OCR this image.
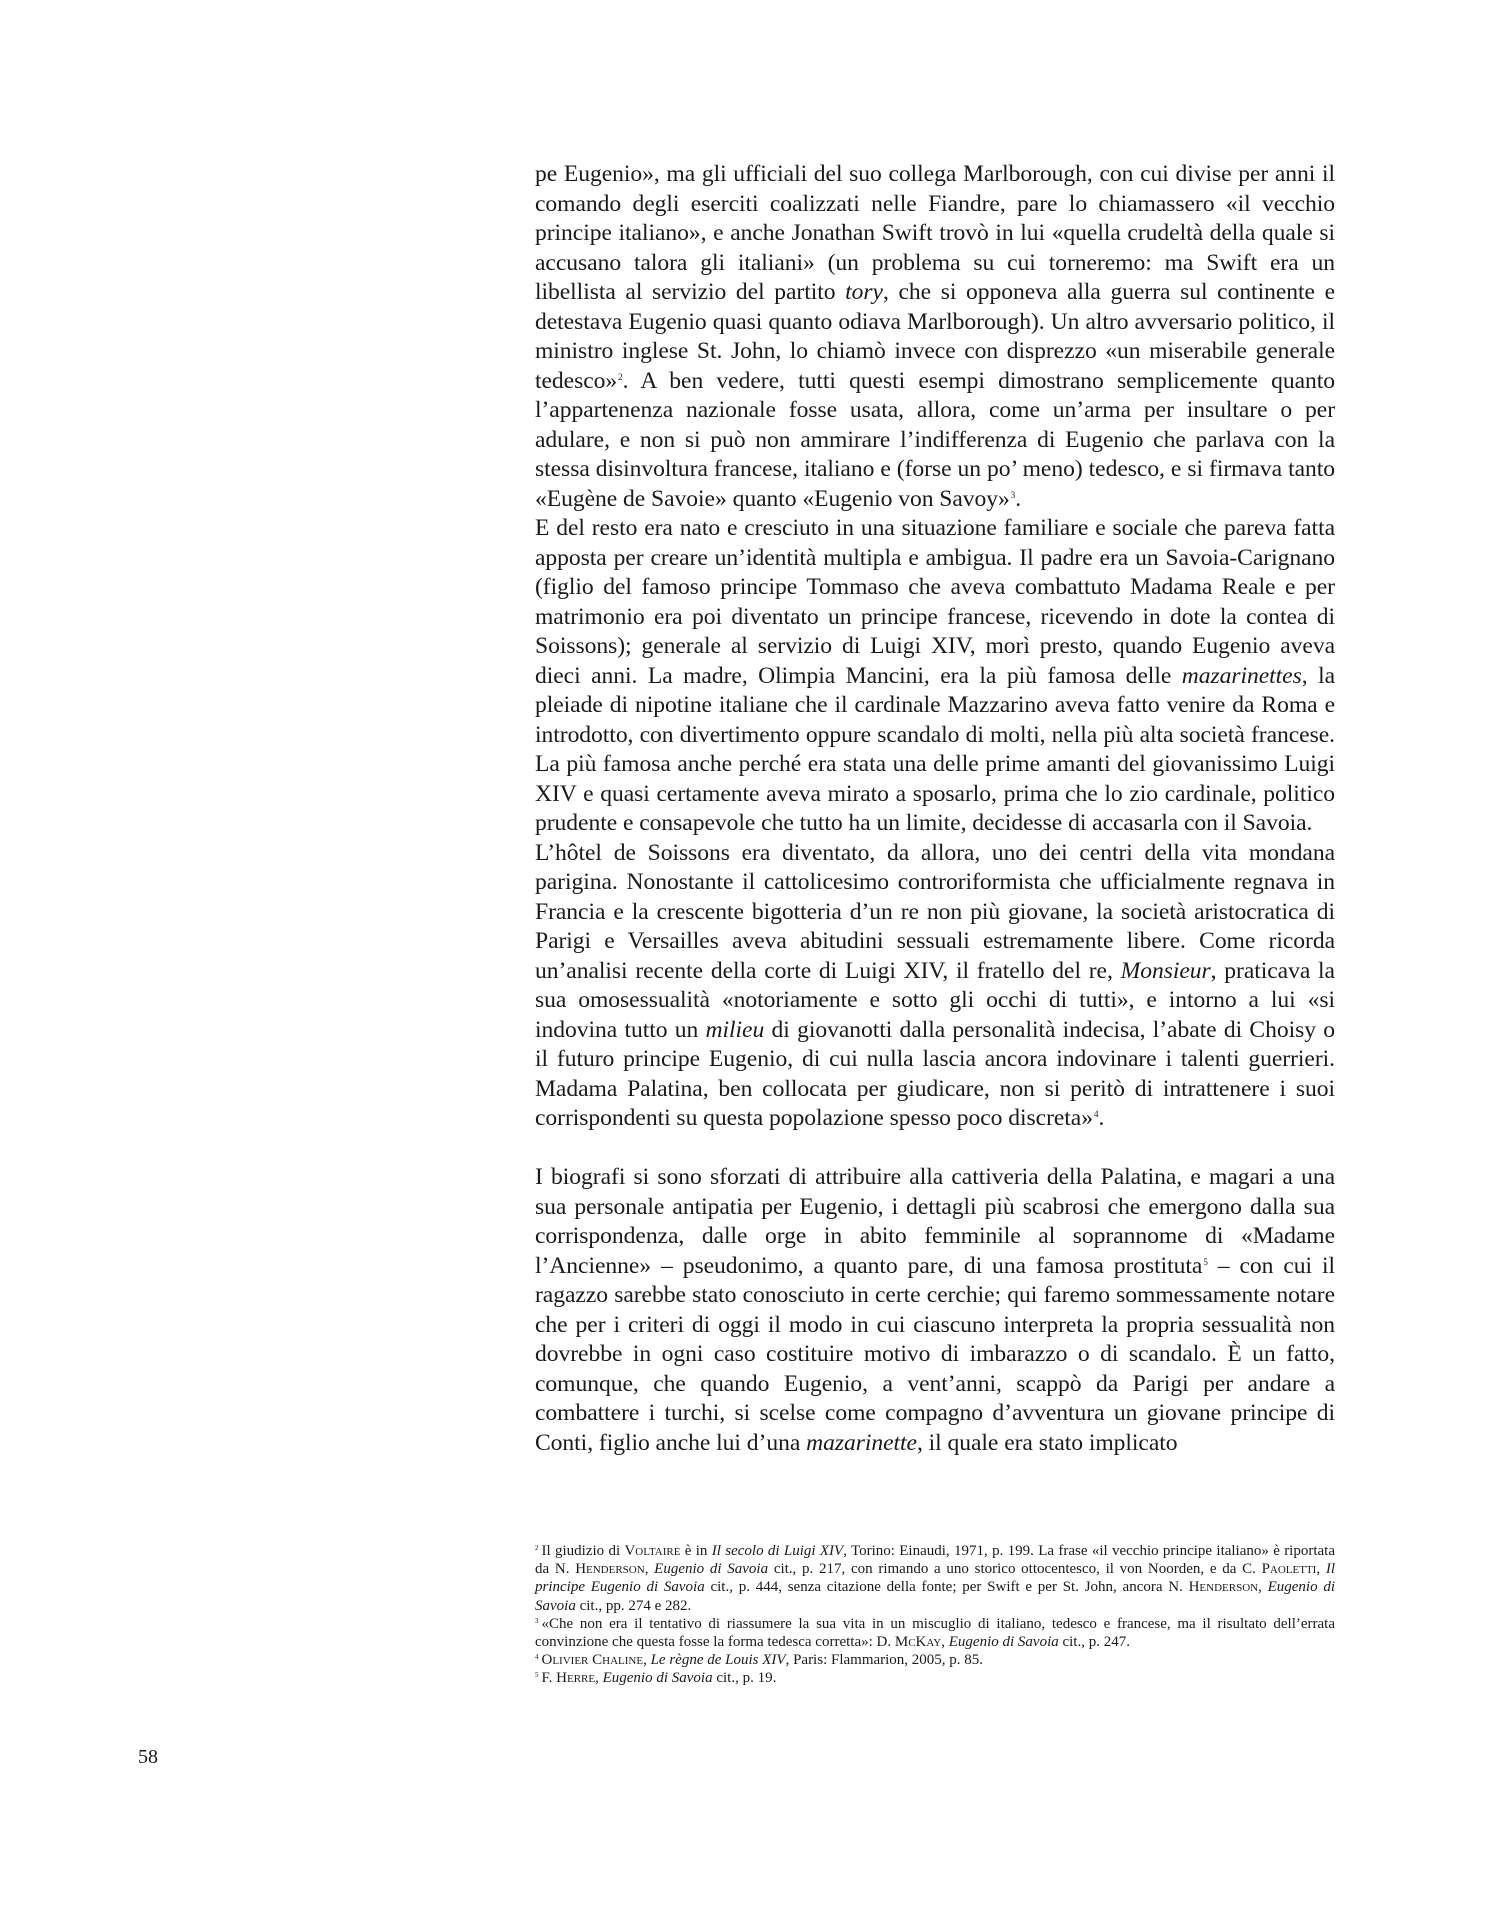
pe Eugenio», ma gli ufficiali del suo collega Marlborough, con cui divise per anni il comando degli eserciti coalizzati nelle Fiandre, pare lo chiamassero «il vecchio principe italiano», e anche Jonathan Swift trovò in lui «quella crudeltà della quale si accusano talora gli italiani» (un problema su cui torneremo: ma Swift era un libellista al servizio del partito tory, che si opponeva alla guerra sul continente e detestava Eugenio quasi quanto odiava Marlborough). Un altro avversario politico, il ministro inglese St. John, lo chiamò invece con disprezzo «un miserabile generale tedesco»$^2$. A ben vedere, tutti questi esempi dimostrano semplicemente quanto l’appartenenza nazionale fosse usata, allora, come un’arma per insultare o per adulare, e non si può non ammirare l’indifferenza di Eugenio che parlava con la stessa disinvoltura francese, italiano e (forse un po’ meno) tedesco, e si firmava tanto «Eugène de Savoie» quanto «Eugenio von Savoy»$^3$.

E del resto era nato e cresciuto in una situazione familiare e sociale che pareva fatta apposta per creare un’identità multipla e ambigua. Il padre era un Savoia-Carignano (figlio del famoso principe Tommaso che aveva combattuto Madama Reale e per matrimonio era poi diventato un principe francese, ricevendo in dote la contea di Soissons); generale al servizio di Luigi XIV, morì presto, quando Eugenio aveva dieci anni. La madre, Olimpia Mancini, era la più famosa delle mazarinettes, la pleiade di nipotine italiane che il cardinale Mazzarino aveva fatto venire da Roma e introdotto, con divertimento oppure scandalo di molti, nella più alta società francese. La più famosa anche perché era stata una delle prime amanti del giovanissimo Luigi XIV e quasi certamente aveva mirato a sposarlo, prima che lo zio cardinale, politico prudente e consapevole che tutto ha un limite, decidesse di accasarla con il Savoia.

L’hôtel de Soissons era diventato, da allora, uno dei centri della vita mondana parigina. Nonostante il cattolicesimo controriformista che ufficialmente regnava in Francia e la crescente bigotteria d’un re non più giovane, la società aristocratica di Parigi e Versailles aveva abitudini sessuali estremamente libere. Come ricorda un’analisi recente della corte di Luigi XIV, il fratello del re, Monsieur, praticava la sua omosessualità «notoriamente e sotto gli occhi di tutti», e intorno a lui «si indovina tutto un milieu di giovanotti dalla personalità indecisa, l’abate di Choisy o il futuro principe Eugenio, di cui nulla lascia ancora indovinare i talenti guerrieri. Madama Palatina, ben collocata per giudicare, non si peritò di intrattenere i suoi corrispondenti su questa popolazione spesso poco discreta»$^4$.

I biografi si sono sforzati di attribuire alla cattiveria della Palatina, e magari a una sua personale antipatia per Eugenio, i dettagli più scabrosi che emergono dalla sua corrispondenza, dalle orge in abito femminile al soprannome di «Madame l’Ancienne» – pseudonimo, a quanto pare, di una famosa prostituta$^5$ – con cui il ragazzo sarebbe stato conosciuto in certe cerchie; qui faremo sommessamente notare che per i criteri di oggi il modo in cui ciascuno interpreta la propria sessualità non dovrebbe in ogni caso costituire motivo di imbarazzo o di scandalo. È un fatto, comunque, che quando Eugenio, a vent’anni, scappò da Parigi per andare a combattere i turchi, si scelse come compagno d’avventura un giovane principe di Conti, figlio anche lui d’una mazarinette, il quale era stato implicato

$^2$ Il giudizio di Voltaire è in Il secolo di Luigi XIV, Torino: Einaudi, 1971, p. 199. La frase «il vecchio principe italiano» è riportata da N. Henderson, Eugenio di Savoia cit., p. 217, con rimando a uno storico ottocentesco, il von Noorden, e da C. Paoletti, Il principe Eugenio di Savoia cit., p. 444, senza citazione della fonte; per Swift e per St. John, ancora N. Henderson, Eugenio di Savoia cit., pp. 274 e 282.

$^3$ «Che non era il tentativo di riassumere la sua vita in un miscuglio di italiano, tedesco e francese, ma il risultato dell’errata convinzione che questa fosse la forma tedesca corretta»: D. McKay, Eugenio di Savoia cit., p. 247.

$^4$ Olivier Chaline, Le règne de Louis XIV, Paris: Flammarion, 2005, p. 85.

$^5$ F. Herre, Eugenio di Savoia cit., p. 19.

58
